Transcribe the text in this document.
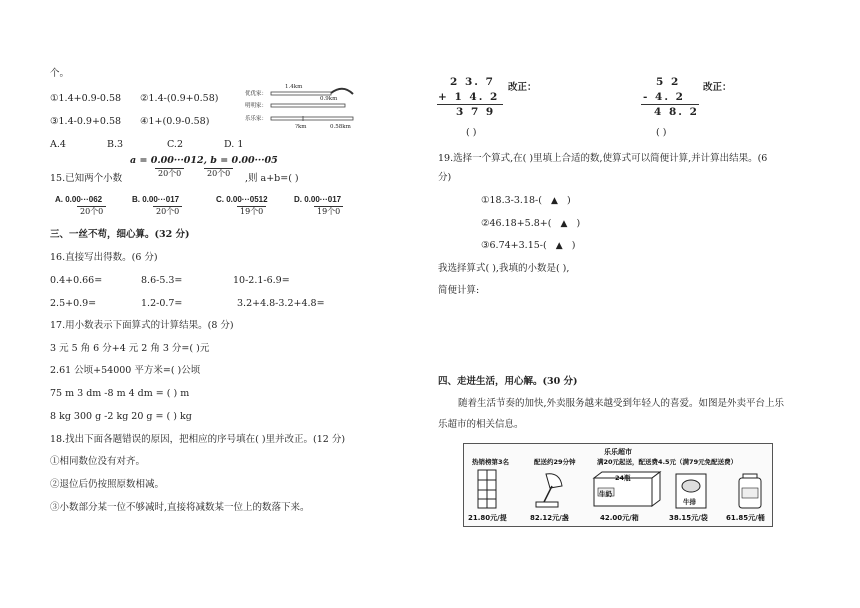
个。
①1.4+0.9-0.58 ②1.4-(0.9+0.58)
③1.4-0.9+0.58 ④1+(0.9-0.58)
优优家：
明明家：
乐乐家：
1.4km
0.9km
?km	0.58km
A.4	B.3	C.2	D. 1
a = 0.00···012, b = 0.00···05
20个0	20个0
15.已知两个小数	,则 a+b=( )
A. 0.00···062	B. 0.00···017	C. 0.00···0512	D. 0.00···017
20个0	20个0	19个0	19个0
三、一丝不苟，细心算。(32 分)
16.直接写出得数。(6 分)
0.4+0.66=	8.6-5.3=	10-2.1-6.9=
2.5+0.9=	1.2-0.7=	3.2+4.8-3.2+4.8=
17.用小数表示下面算式的计算结果。(8 分)
3 元 5 角 6 分+4 元 2 角 3 分=( )元
2.61 公顷+54000 平方米=( )公顷
75 m 3 dm -8 m 4 dm = ( ) m
8 kg 300 g -2 kg 20 g = ( ) kg
18.找出下面各题错误的原因，把相应的序号填在( )里并改正。(12 分)
①相同数位没有对齐。
②退位后仍按照原数相减。
③小数部分某一位不够减时,直接将减数某一位上的数落下来。
2 3. 7
+ 1 4. 2
3 7 9
改正：
( )
5 2
- 4. 2
4 8. 2
改正：
( )
19.选择一个算式,在( )里填上合适的数,使算式可以简便计算,并计算出结果。(6
分)
①18.3-3.18-( ▲ )
②46.18+5.8+( ▲ )
③6.74+3.15-( ▲ )
我选择算式( ),我填的小数是( ),
简便计算:
四、走进生活，用心解。(30 分)
随着生活节奏的加快,外卖服务越来越受到年轻人的喜爱。如图是外卖平台上乐
乐超市的相关信息。
乐乐超市
热销榜第3名	配送约29分钟	满20元起送，配送费4.5元（满79元免配送费）
24瓶
牛奶
牛排
21.80元/提	82.12元/盏	42.00元/箱	38.15元/袋	61.85元/桶
